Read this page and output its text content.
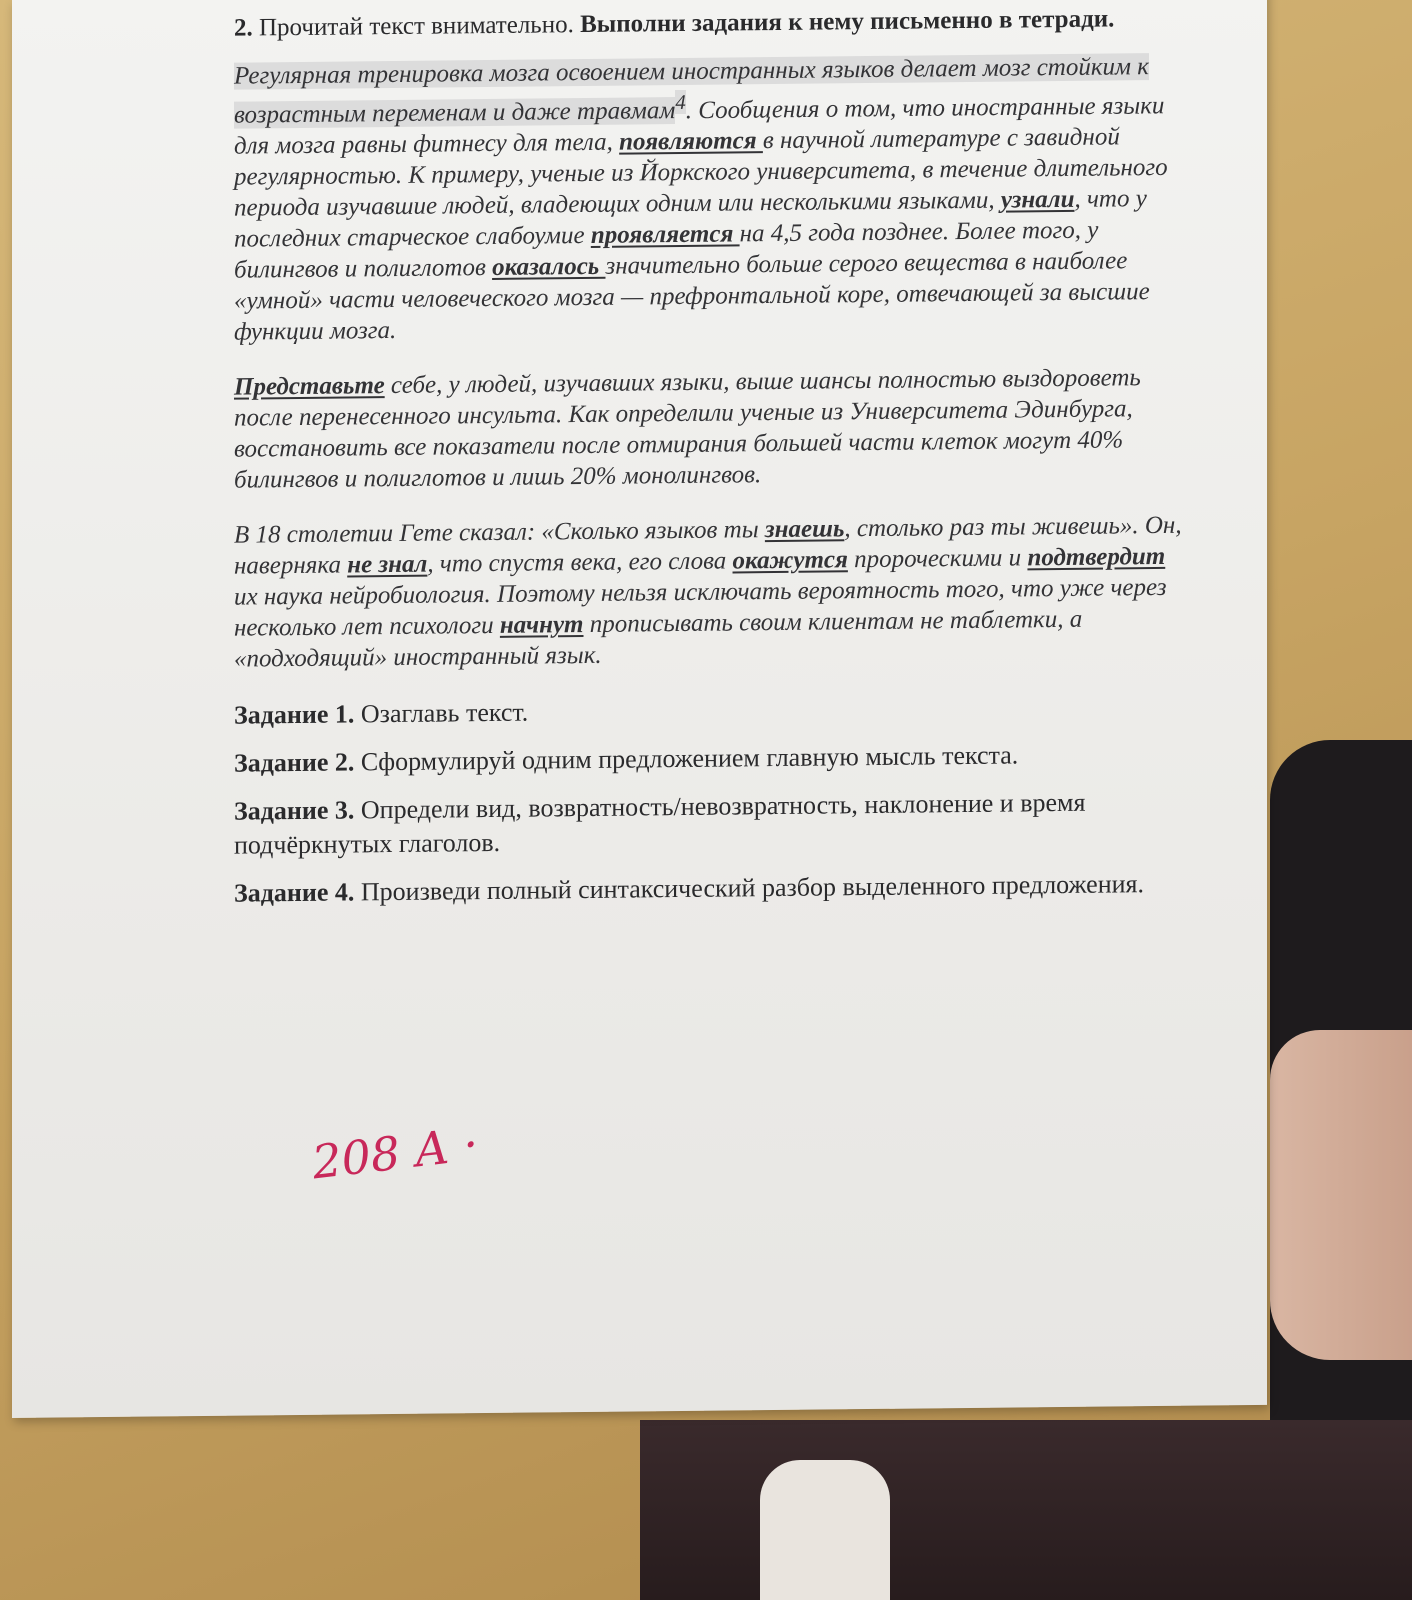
2. Прочитай текст внимательно. Выполни задания к нему письменно в тетради.

Регулярная тренировка мозга освоением иностранных языков делает мозг стойким к возрастным переменам и даже травмам$^4$. Сообщения о том, что иностранные языки для мозга равны фитнесу для тела, появляются в научной литературе с завидной регулярностью. К примеру, ученые из Йоркского университета, в течение длительного периода изучавшие людей, владеющих одним или несколькими языками, узнали, что у последних старческое слабоумие проявляется на 4,5 года позднее. Более того, у билингвов и полиглотов оказалось значительно больше серого вещества в наиболее «умной» части человеческого мозга — префронтальной коре, отвечающей за высшие функции мозга.

Представьте себе, у людей, изучавших языки, выше шансы полностью выздороветь после перенесенного инсульта. Как определили ученые из Университета Эдинбурга, восстановить все показатели после отмирания большей части клеток могут 40% билингвов и полиглотов и лишь 20% монолингвов.

В 18 столетии Гете сказал: «Сколько языков ты знаешь, столько раз ты живешь». Он, наверняка не знал, что спустя века, его слова окажутся пророческими и подтвердит их наука нейробиология. Поэтому нельзя исключать вероятность того, что уже через несколько лет психологи начнут прописывать своим клиентам не таблетки, а «подходящий» иностранный язык.

Задание 1. Озаглавь текст.

Задание 2. Сформулируй одним предложением главную мысль текста.

Задание 3. Определи вид, возвратность/невозвратность, наклонение и время подчёркнутых глаголов.

Задание 4. Произведи полный синтаксический разбор выделенного предложения.

208 А ·
